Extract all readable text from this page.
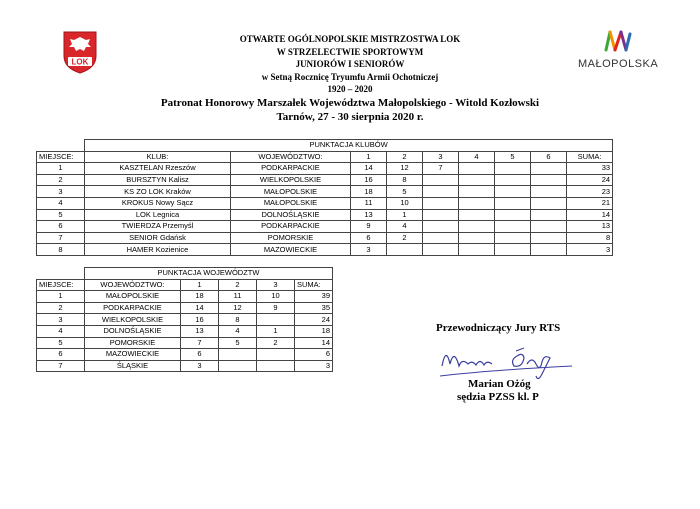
LOK	MAŁOPOLSKA
OTWARTE OGÓLNOPOLSKIE MISTRZOSTWA LOK
W STRZELECTWIE SPORTOWYM
JUNIORÓW I SENIORÓW
w Setną Rocznicę Tryumfu Armii Ochotniczej
1920 – 2020
Patronat Honorowy Marszałek Województwa Małopolskiego - Witold Kozłowski
Tarnów, 27 - 30 sierpnia 2020 r.
	PUNKTACJA KLUBÓW								
MIEJSCE:	KLUB:	WOJEWÓDZTWO:	1	2	3	4	5	6	SUMA:
1	KASZTELAN Rzeszów	PODKARPACKIE	14	12	7				33
2	BURSZTYN Kalisz	WIELKOPOLSKIE	16	8					24
3	KS ZO LOK Kraków	MAŁOPOLSKIE	18	5					23
4	KROKUS Nowy Sącz	MAŁOPOLSKIE	11	10					21
5	LOK Legnica	DOLNOŚLĄSKIE	13	1					14
6	TWIERDZA Przemyśl	PODKARPACKIE	9	4					13
7	SENIOR Gdańsk	POMORSKIE	6	2					8
8	HAMER Kozienice	MAZOWIECKIE	3						3
	PUNKTACJA WOJEWÓDZTW				
MIEJSCE:	WOJEWÓDZTWO:	1	2	3	SUMA:
1	MAŁOPOLSKIE	18	11	10	39
2	PODKARPACKIE	14	12	9	35
3	WIELKOPOLSKIE	16	8		24
4	DOLNOŚLĄSKIE	13	4	1	18
5	POMORSKIE	7	5	2	14
6	MAZOWIECKIE	6			6
7	ŚLĄSKIE	3			3
Przewodniczący Jury RTS
Marian Ożóg
sędzia PZSS kl. P
